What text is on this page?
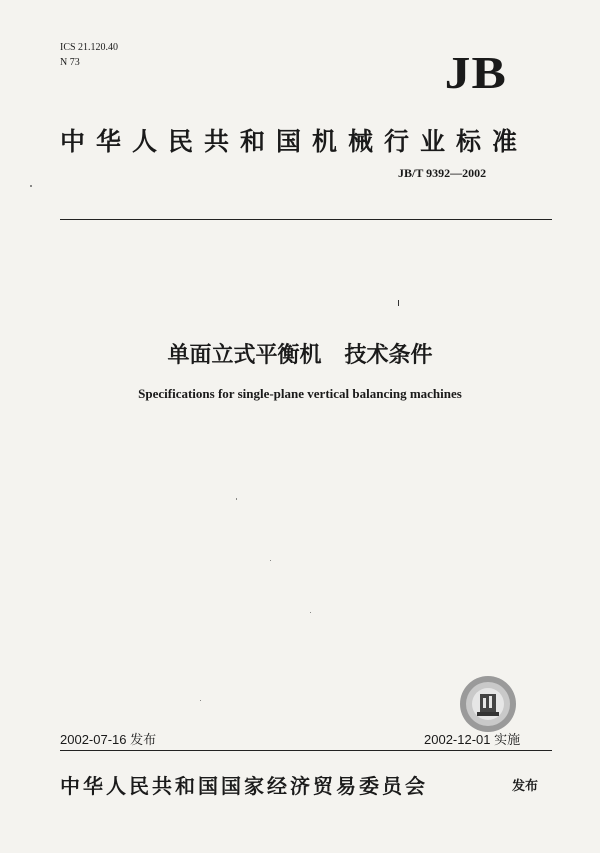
ICS 21.120.40
N 73	JB
中华人民共和国机械行业标准
JB/T 9392—2002
单面立式平衡机   技术条件
Specifications for single-plane vertical balancing machines
2002-07-16 发布	2002-12-01 实施
中华人民共和国国家经济贸易委员会	发布
